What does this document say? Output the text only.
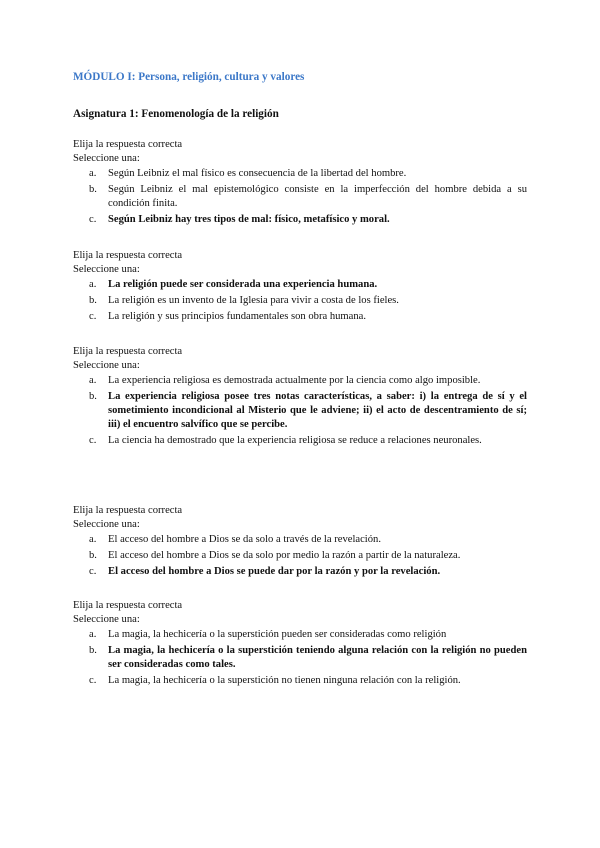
MÓDULO I: Persona, religión, cultura y valores
Asignatura 1: Fenomenología de la religión
Elija la respuesta correcta
Seleccione una:
a. Según Leibniz el mal físico es consecuencia de la libertad del hombre.
b. Según Leibniz el mal epistemológico consiste en la imperfección del hombre debida a su condición finita.
c. Según Leibniz hay tres tipos de mal: físico, metafísico y moral.
Elija la respuesta correcta
Seleccione una:
a. La religión puede ser considerada una experiencia humana.
b. La religión es un invento de la Iglesia para vivir a costa de los fieles.
c. La religión y sus principios fundamentales son obra humana.
Elija la respuesta correcta
Seleccione una:
a. La experiencia religiosa es demostrada actualmente por la ciencia como algo imposible.
b. La experiencia religiosa posee tres notas características, a saber: i) la entrega de sí y el sometimiento incondicional al Misterio que le adviene; ii) el acto de descentramiento de sí; iii) el encuentro salvífico que se percibe.
c. La ciencia ha demostrado que la experiencia religiosa se reduce a relaciones neuronales.
Elija la respuesta correcta
Seleccione una:
a. El acceso del hombre a Dios se da solo a través de la revelación.
b. El acceso del hombre a Dios se da solo por medio la razón a partir de la naturaleza.
c. El acceso del hombre a Dios se puede dar por la razón y por la revelación.
Elija la respuesta correcta
Seleccione una:
a. La magia, la hechicería o la superstición pueden ser consideradas como religión
b. La magia, la hechicería o la superstición teniendo alguna relación con la religión no pueden ser consideradas como tales.
c. La magia, la hechicería o la superstición no tienen ninguna relación con la religión.
